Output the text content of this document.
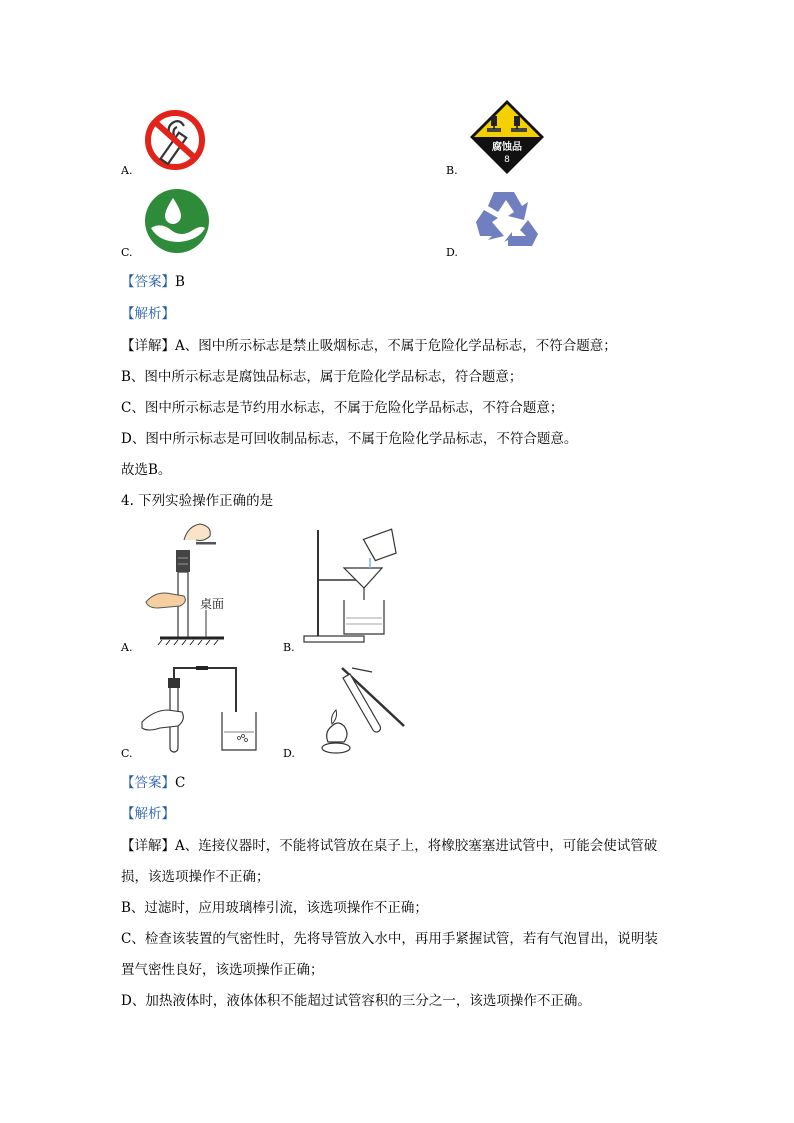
A.
腐蚀品
8
B.
C.	D.
【答案】B
【解析】
【详解】A、图中所示标志是禁止吸烟标志，不属于危险化学品标志，不符合题意；
B、图中所示标志是腐蚀品标志，属于危险化学品标志，符合题意；
C、图中所示标志是节约用水标志，不属于危险化学品标志，不符合题意；
D、图中所示标志是可回收制品标志，不属于危险化学品标志，不符合题意。
故选B。
4. 下列实验操作正确的是
桌面
A.	B.
C.	D.
【答案】C
【解析】
【详解】A、连接仪器时，不能将试管放在桌子上，将橡胶塞塞进试管中，可能会使试管破
损，该选项操作不正确；
B、过滤时，应用玻璃棒引流，该选项操作不正确；
C、检查该装置的气密性时，先将导管放入水中，再用手紧握试管，若有气泡冒出，说明装
置气密性良好，该选项操作正确；
D、加热液体时，液体体积不能超过试管容积的三分之一，该选项操作不正确。
